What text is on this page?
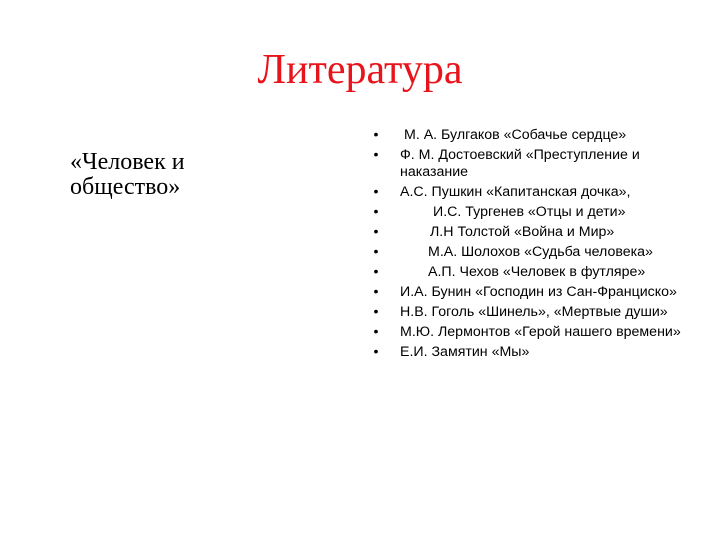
Литература
«Человек и общество»
• М. А. Булгаков «Собачье сердце»
• Ф. М. Достоевский «Преступление и наказание
• А.С. Пушкин «Капитанская дочка»,
•	И.С. Тургенев «Отцы и дети»
•	Л.Н Толстой «Война и Мир»
•	М.А. Шолохов «Судьба человека»
•	А.П. Чехов «Человек в футляре»
• И.А. Бунин «Господин из Сан-Франциско»
• Н.В. Гоголь «Шинель», «Мертвые души»
• М.Ю. Лермонтов «Герой нашего времени»
• Е.И. Замятин «Мы»
